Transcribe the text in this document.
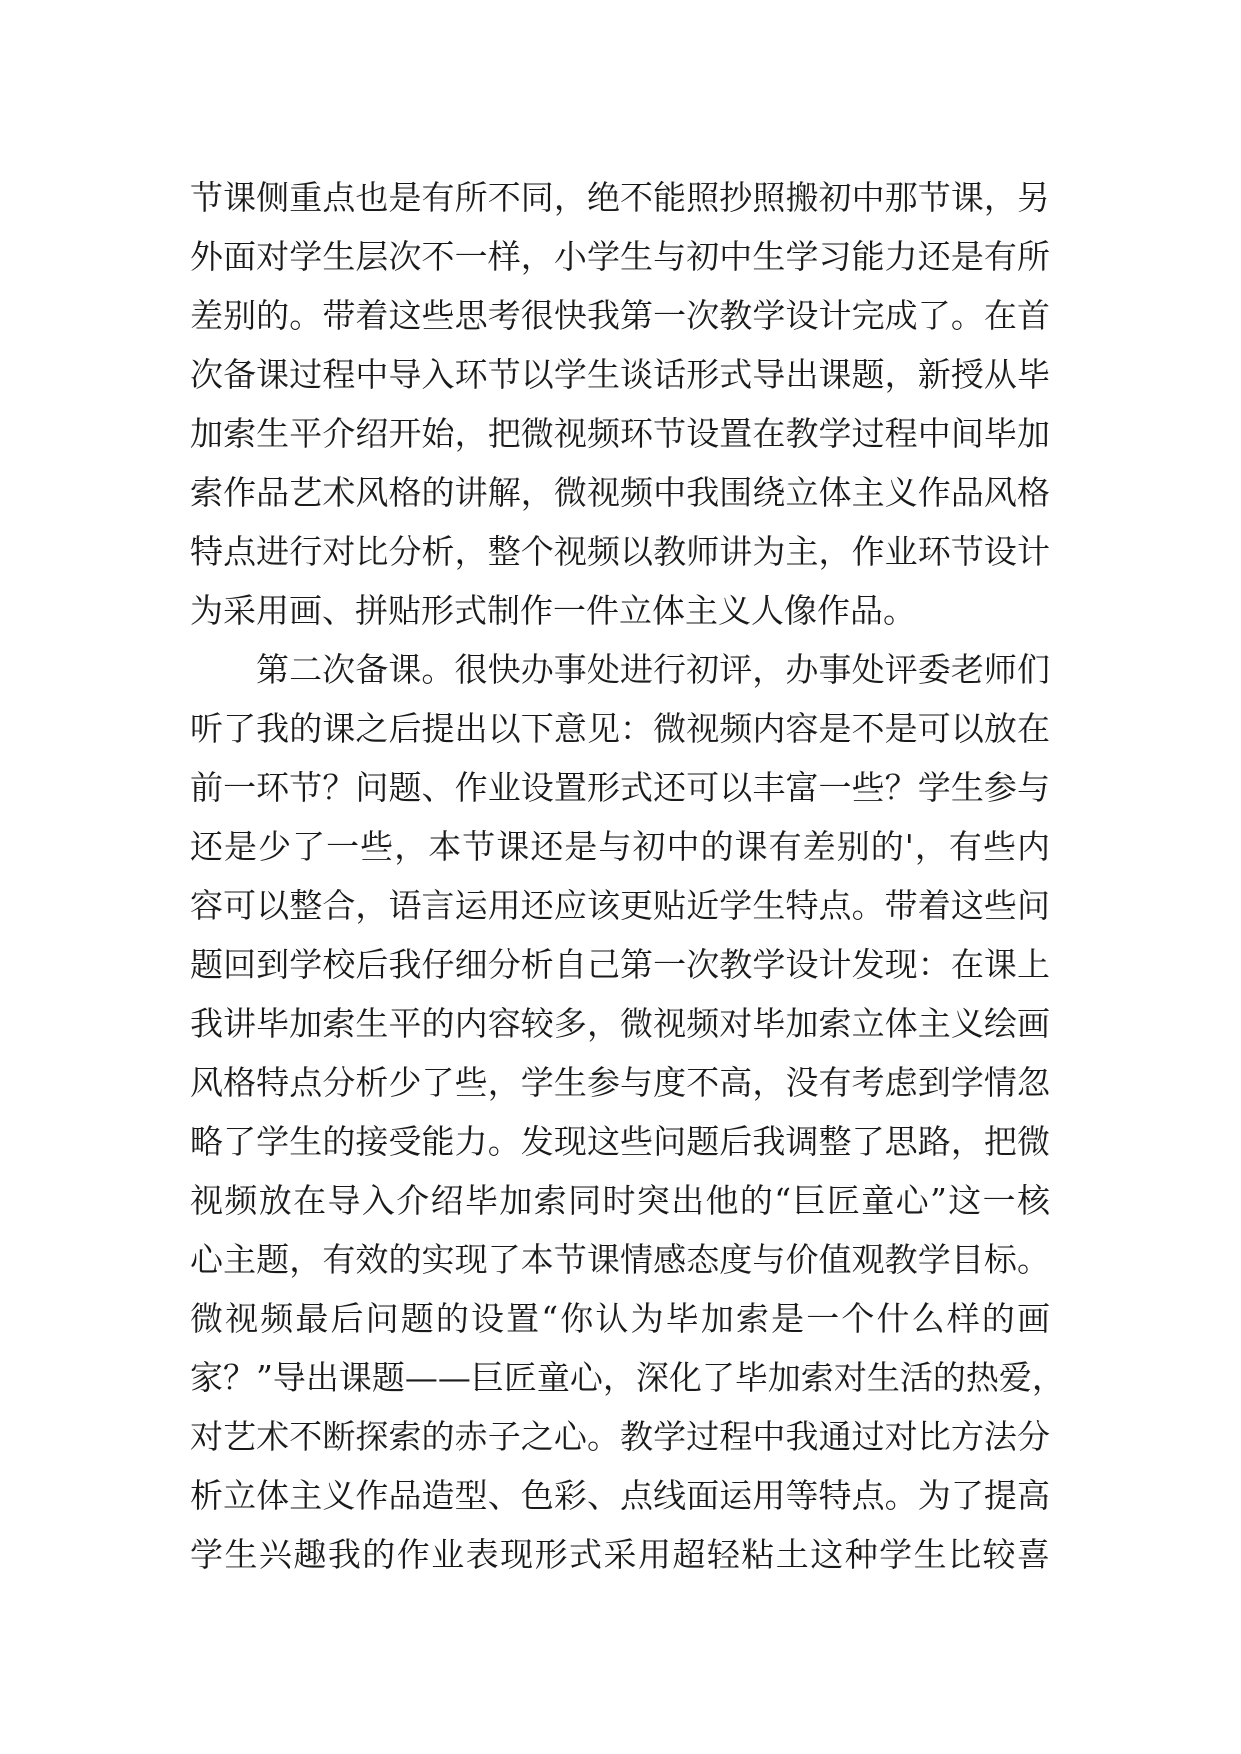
节课侧重点也是有所不同，绝不能照抄照搬初中那节课，另
外面对学生层次不一样，小学生与初中生学习能力还是有所
差别的。带着这些思考很快我第一次教学设计完成了。在首
次备课过程中导入环节以学生谈话形式导出课题，新授从毕
加索生平介绍开始，把微视频环节设置在教学过程中间毕加
索作品艺术风格的讲解，微视频中我围绕立体主义作品风格
特点进行对比分析，整个视频以教师讲为主，作业环节设计
为采用画、拼贴形式制作一件立体主义人像作品。
第二次备课。很快办事处进行初评，办事处评委老师们
听了我的课之后提出以下意见：微视频内容是不是可以放在
前一环节？问题、作业设置形式还可以丰富一些？学生参与
还是少了一些，本节课还是与初中的课有差别的'，有些内
容可以整合，语言运用还应该更贴近学生特点。带着这些问
题回到学校后我仔细分析自己第一次教学设计发现：在课上
我讲毕加索生平的内容较多，微视频对毕加索立体主义绘画
风格特点分析少了些，学生参与度不高，没有考虑到学情忽
略了学生的接受能力。发现这些问题后我调整了思路，把微
视频放在导入介绍毕加索同时突出他的“巨匠童心”这一核
心主题，有效的实现了本节课情感态度与价值观教学目标。
微视频最后问题的设置“你认为毕加索是一个什么样的画
家？”导出课题——巨匠童心，深化了毕加索对生活的热爱，
对艺术不断探索的赤子之心。教学过程中我通过对比方法分
析立体主义作品造型、色彩、点线面运用等特点。为了提高
学生兴趣我的作业表现形式采用超轻粘土这种学生比较喜
